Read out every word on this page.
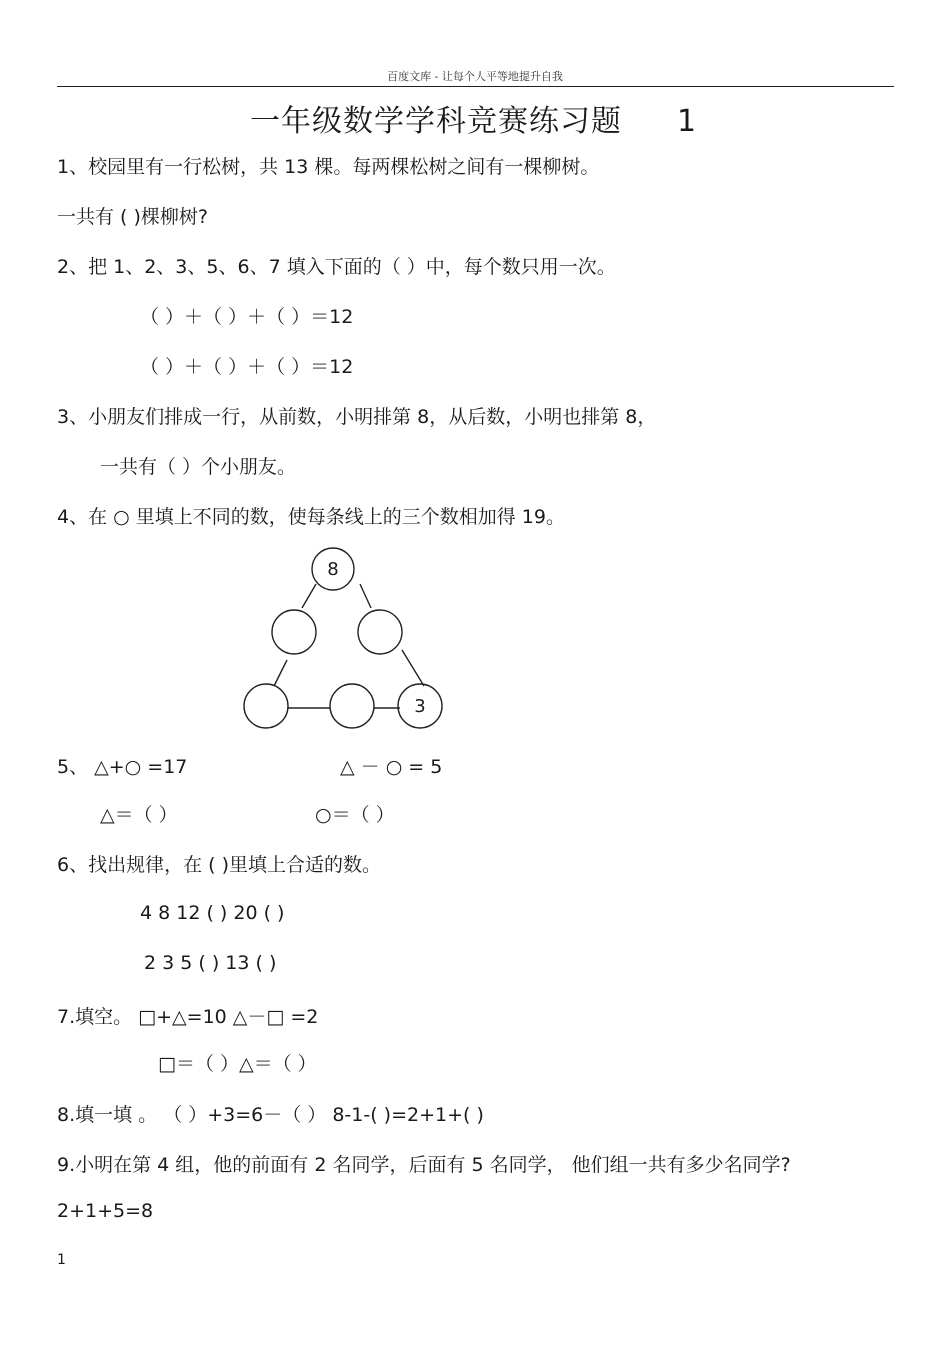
百度文库 - 让每个人平等地提升自我
一年级数学学科竞赛练习题 1
1、校园里有一行松树，共 13 棵。每两棵松树之间有一棵柳树。
一共有 ( )棵柳树?
2、把 1、2、3、5、6、7 填入下面的（ ）中，每个数只用一次。
（ ）＋（ ）＋（ ）＝12
（ ）＋（ ）＋（ ）＝12
3、小朋友们排成一行，从前数，小明排第 8，从后数，小明也排第 8，
一共有（ ）个小朋友。
4、在 ○ 里填上不同的数，使每条线上的三个数相加得 19。
8
3
5、 △+○ =17	△ － ○ = 5
△＝（ ）	○＝（ ）
6、找出规律，在 ( )里填上合适的数。
4 8 12 ( ) 20 ( )
2 3 5 ( ) 13 ( )
7.填空。 □+△=10 △－□ =2
□＝（ ）△＝（ ）
8.填一填 。 （ ）+3=6－（ ） 8-1-( )=2+1+( )
9.小明在第 4 组，他的前面有 2 名同学，后面有 5 名同学， 他们组一共有多少名同学?
2+1+5=8
1
